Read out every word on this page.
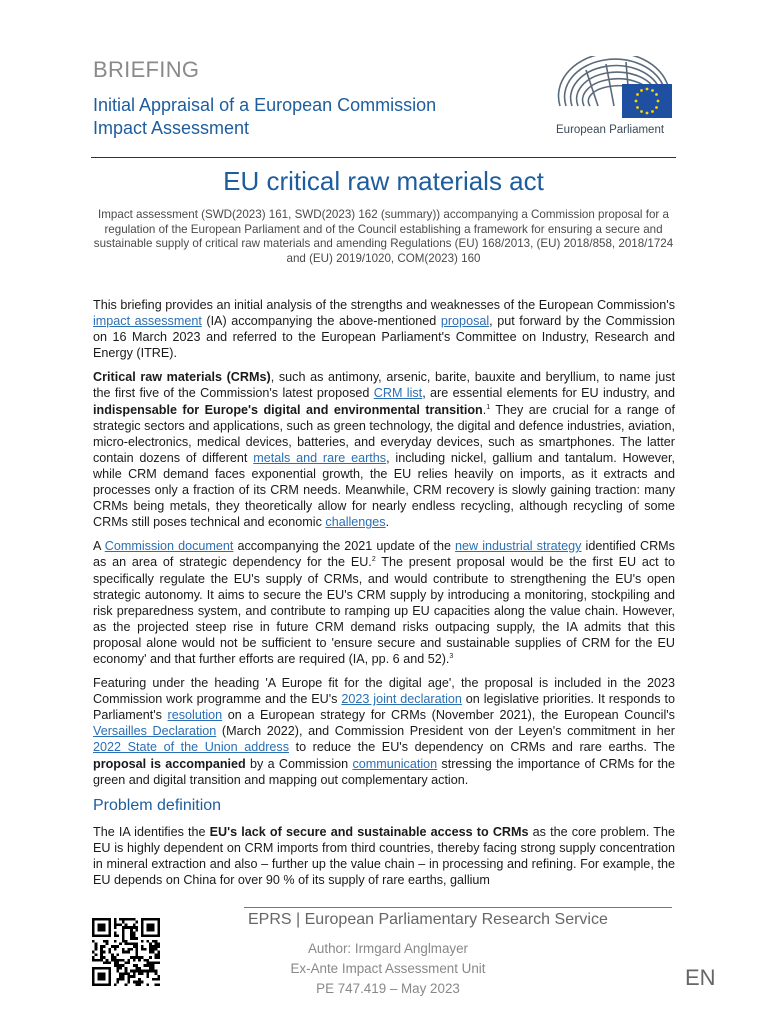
BRIEFING
Initial Appraisal of a European Commission Impact Assessment	European Parliament
EU critical raw materials act
Impact assessment (SWD(2023) 161, SWD(2023) 162 (summary)) accompanying a Commission proposal for a regulation of the European Parliament and of the Council establishing a framework for ensuring a secure and sustainable supply of critical raw materials and amending Regulations (EU) 168/2013, (EU) 2018/858, 2018/1724 and (EU) 2019/1020, COM(2023) 160

This briefing provides an initial analysis of the strengths and weaknesses of the European Commission's impact assessment (IA) accompanying the above-mentioned proposal, put forward by the Commission on 16 March 2023 and referred to the European Parliament's Committee on Industry, Research and Energy (ITRE).

Critical raw materials (CRMs), such as antimony, arsenic, barite, bauxite and beryllium, to name just the first five of the Commission's latest proposed CRM list, are essential elements for EU industry, and indispensable for Europe's digital and environmental transition.$^1$ They are crucial for a range of strategic sectors and applications, such as green technology, the digital and defence industries, aviation, micro-electronics, medical devices, batteries, and everyday devices, such as smartphones. The latter contain dozens of different metals and rare earths, including nickel, gallium and tantalum. However, while CRM demand faces exponential growth, the EU relies heavily on imports, as it extracts and processes only a fraction of its CRM needs. Meanwhile, CRM recovery is slowly gaining traction: many CRMs being metals, they theoretically allow for nearly endless recycling, although recycling of some CRMs still poses technical and economic challenges.

A Commission document accompanying the 2021 update of the new industrial strategy identified CRMs as an area of strategic dependency for the EU.$^2$ The present proposal would be the first EU act to specifically regulate the EU's supply of CRMs, and would contribute to strengthening the EU's open strategic autonomy. It aims to secure the EU's CRM supply by introducing a monitoring, stockpiling and risk preparedness system, and contribute to ramping up EU capacities along the value chain. However, as the projected steep rise in future CRM demand risks outpacing supply, the IA admits that this proposal alone would not be sufficient to 'ensure secure and sustainable supplies of CRM for the EU economy' and that further efforts are required (IA, pp. 6 and 52).$^3$

Featuring under the heading 'A Europe fit for the digital age', the proposal is included in the 2023 Commission work programme and the EU's 2023 joint declaration on legislative priorities. It responds to Parliament's resolution on a European strategy for CRMs (November 2021), the European Council's Versailles Declaration (March 2022), and Commission President von der Leyen's commitment in her 2022 State of the Union address to reduce the EU's dependency on CRMs and rare earths. The proposal is accompanied by a Commission communication stressing the importance of CRMs for the green and digital transition and mapping out complementary action.

Problem definition

The IA identifies the EU's lack of secure and sustainable access to CRMs as the core problem. The EU is highly dependent on CRM imports from third countries, thereby facing strong supply concentration in mineral extraction and also – further up the value chain – in processing and refining. For example, the EU depends on China for over 90 % of its supply of rare earths, gallium

EPRS | European Parliamentary Research Service
Author: Irmgard Anglmayer
Ex-Ante Impact Assessment Unit
PE 747.419 – May 2023	EN
